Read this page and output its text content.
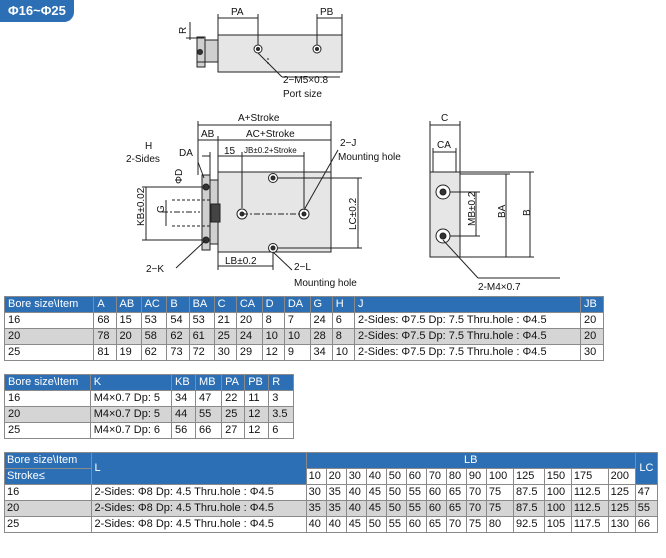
Φ16~Φ25	PA	PB
R
2−M5×0.8
Port size
A+Stroke
AB	AC+Stroke
H
2-Sides
DA	15 JB±0.2+Stroke
2−J
Mounting hole
ΦD
KB±0.02 G	LC±0.2
2−K
LB±0.2
2−L
Mounting hole
C
CA
MB±0.2 BA B
2-M4×0.7
Bore size\Item	A	AB	AC	B	BA	C	CA	D	DA	G	H	J	JB
16	68	15	53	54	53	21	20	8	7	24	6	2-Sides: Φ7.5 Dp: 7.5 Thru.hole : Φ4.5	20
20	78	20	58	62	61	25	24	10	10	28	8	2-Sides: Φ7.5 Dp: 7.5 Thru.hole : Φ4.5	20
25	81	19	62	73	72	30	29	12	9	34	10	2-Sides: Φ7.5 Dp: 7.5 Thru.hole : Φ4.5	30
Bore size\Item	K	KB	MB	PA	PB	R
16	M4×0.7 Dp: 5	34	47	22	11	3
20	M4×0.7 Dp: 5	44	55	25	12	3.5
25	M4×0.7 Dp: 6	56	66	27	12	6
Bore size\Item	L	LB														LC
Stroke≤		10	20	30	40	50	60	70	80	90	100	125	150	175	200	
16	2-Sides: Φ8 Dp: 4.5 Thru.hole : Φ4.5	30	35	40	45	50	55	60	65	70	75	87.5	100	112.5	125	47
20	2-Sides: Φ8 Dp: 4.5 Thru.hole : Φ4.5	35	35	40	45	50	55	60	65	70	75	87.5	100	112.5	125	55
25	2-Sides: Φ8 Dp: 4.5 Thru.hole : Φ4.5	40	40	45	50	55	60	65	70	75	80	92.5	105	117.5	130	66
